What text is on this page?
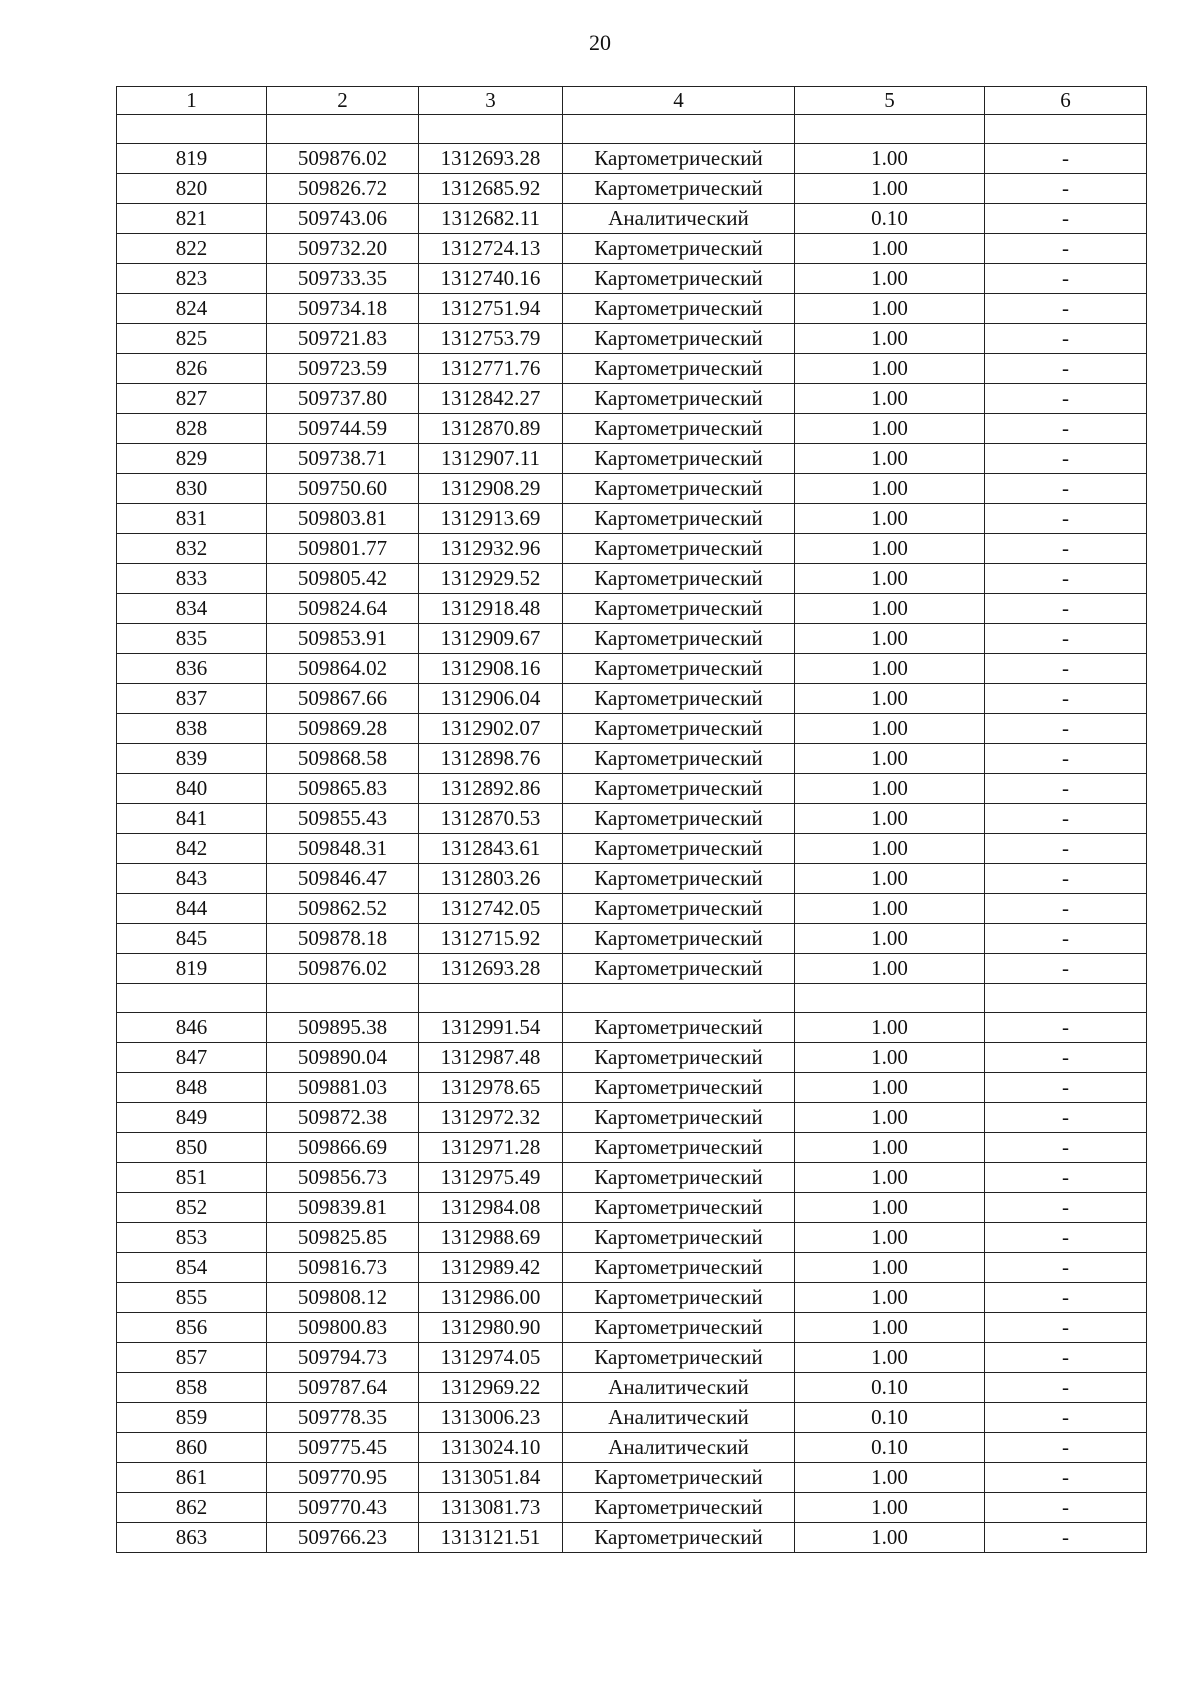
20
1	2	3	4	5	6

819	509876.02	1312693.28	Картометрический	1.00	-
820	509826.72	1312685.92	Картометрический	1.00	-
821	509743.06	1312682.11	Аналитический	0.10	-
822	509732.20	1312724.13	Картометрический	1.00	-
823	509733.35	1312740.16	Картометрический	1.00	-
824	509734.18	1312751.94	Картометрический	1.00	-
825	509721.83	1312753.79	Картометрический	1.00	-
826	509723.59	1312771.76	Картометрический	1.00	-
827	509737.80	1312842.27	Картометрический	1.00	-
828	509744.59	1312870.89	Картометрический	1.00	-
829	509738.71	1312907.11	Картометрический	1.00	-
830	509750.60	1312908.29	Картометрический	1.00	-
831	509803.81	1312913.69	Картометрический	1.00	-
832	509801.77	1312932.96	Картометрический	1.00	-
833	509805.42	1312929.52	Картометрический	1.00	-
834	509824.64	1312918.48	Картометрический	1.00	-
835	509853.91	1312909.67	Картометрический	1.00	-
836	509864.02	1312908.16	Картометрический	1.00	-
837	509867.66	1312906.04	Картометрический	1.00	-
838	509869.28	1312902.07	Картометрический	1.00	-
839	509868.58	1312898.76	Картометрический	1.00	-
840	509865.83	1312892.86	Картометрический	1.00	-
841	509855.43	1312870.53	Картометрический	1.00	-
842	509848.31	1312843.61	Картометрический	1.00	-
843	509846.47	1312803.26	Картометрический	1.00	-
844	509862.52	1312742.05	Картометрический	1.00	-
845	509878.18	1312715.92	Картометрический	1.00	-
819	509876.02	1312693.28	Картометрический	1.00	-

846	509895.38	1312991.54	Картометрический	1.00	-
847	509890.04	1312987.48	Картометрический	1.00	-
848	509881.03	1312978.65	Картометрический	1.00	-
849	509872.38	1312972.32	Картометрический	1.00	-
850	509866.69	1312971.28	Картометрический	1.00	-
851	509856.73	1312975.49	Картометрический	1.00	-
852	509839.81	1312984.08	Картометрический	1.00	-
853	509825.85	1312988.69	Картометрический	1.00	-
854	509816.73	1312989.42	Картометрический	1.00	-
855	509808.12	1312986.00	Картометрический	1.00	-
856	509800.83	1312980.90	Картометрический	1.00	-
857	509794.73	1312974.05	Картометрический	1.00	-
858	509787.64	1312969.22	Аналитический	0.10	-
859	509778.35	1313006.23	Аналитический	0.10	-
860	509775.45	1313024.10	Аналитический	0.10	-
861	509770.95	1313051.84	Картометрический	1.00	-
862	509770.43	1313081.73	Картометрический	1.00	-
863	509766.23	1313121.51	Картометрический	1.00	-
